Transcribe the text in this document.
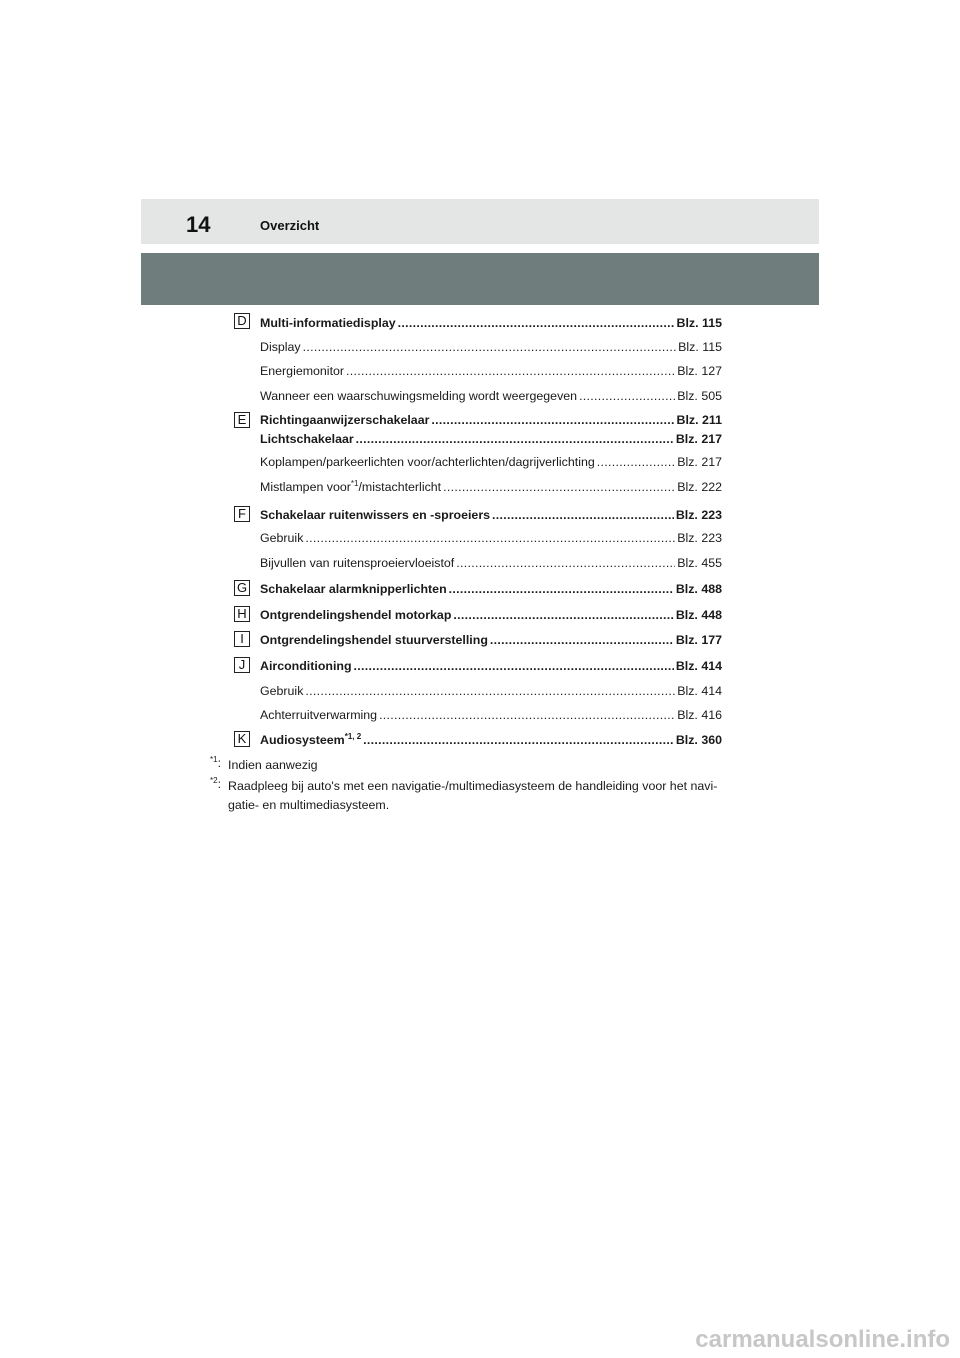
14	Overzicht
Multi-informatiedisplay .....	Blz. 115
Display .....	Blz. 115
Energiemonitor .....	Blz. 127
Wanneer een waarschuwingsmelding wordt weergegeven .....	Blz. 505
Richtingaanwijzerschakelaar .....	Blz. 211
Lichtschakelaar .....	Blz. 217
Koplampen/parkeerlichten voor/achterlichten/dagrijverlichting .....	Blz. 217
Mistlampen voor$^{*1}$/mistachterlicht .....	Blz. 222
Schakelaar ruitenwissers en -sproeiers .....	Blz. 223
Gebruik .....	Blz. 223
Bijvullen van ruitensproeiervloeistof .....	Blz. 455
Schakelaar alarmknipperlichten .....	Blz. 488
Ontgrendelingshendel motorkap .....	Blz. 448
Ontgrendelingshendel stuurverstelling .....	Blz. 177
Airconditioning .....	Blz. 414
Gebruik .....	Blz. 414
Achterruitverwarming .....	Blz. 416
Audiosysteem$^{*1, 2}$ .....	Blz. 360
D
E
F
G
H
I
J
K
$^{*1}$: Indien aanwezig
$^{*2}$: Raadpleeg bij auto's met een navigatie-/multimediasysteem de handleiding voor het navi- gatie- en multimediasysteem.
carmanualsonline.info
